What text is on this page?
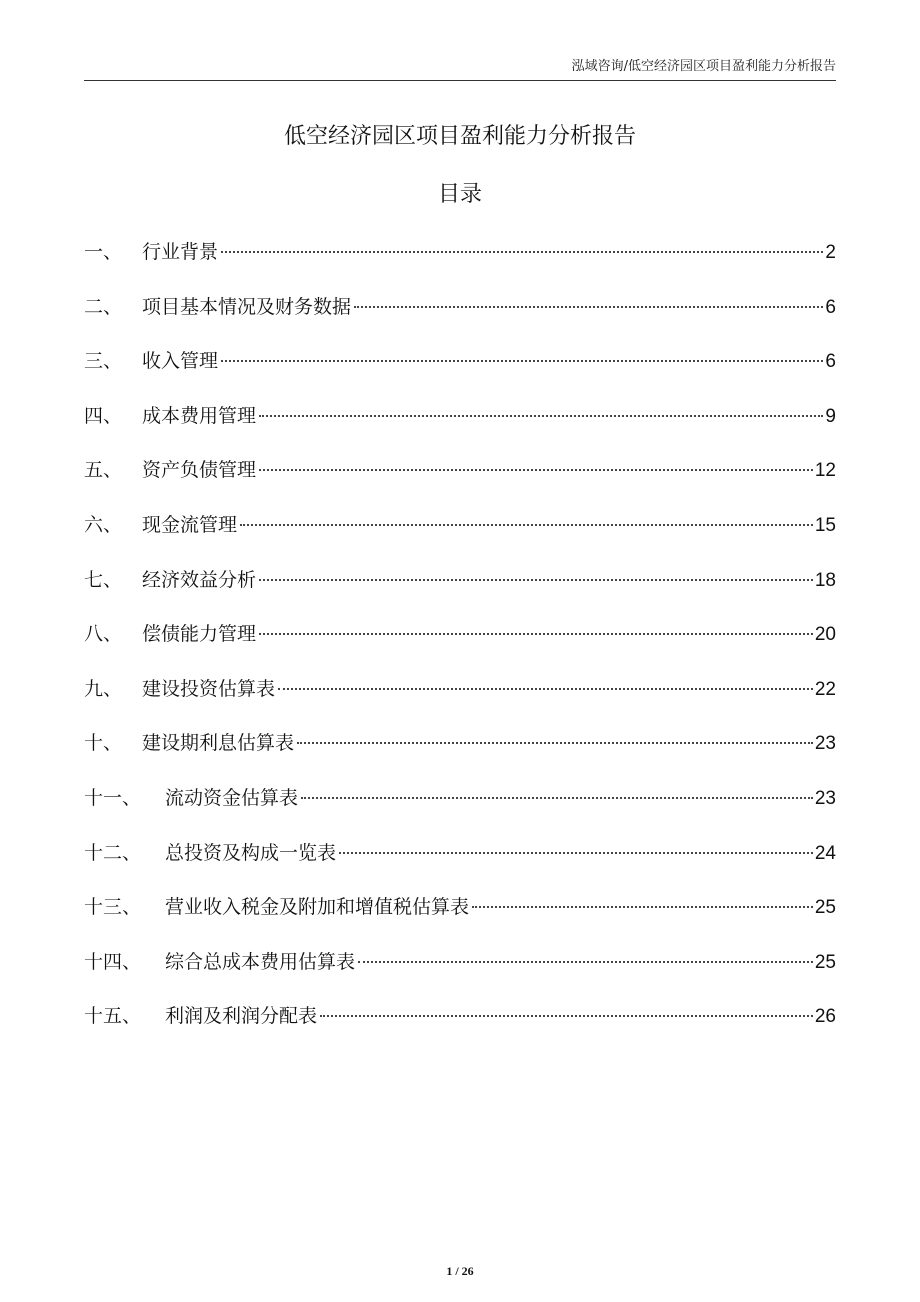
泓域咨询/低空经济园区项目盈利能力分析报告
低空经济园区项目盈利能力分析报告
目录
一、	行业背景	2
二、	项目基本情况及财务数据	6
三、	收入管理	6
四、	成本费用管理	9
五、	资产负债管理	12
六、	现金流管理	15
七、	经济效益分析	18
八、	偿债能力管理	20
九、	建设投资估算表	22
十、	建设期利息估算表	23
十一、	流动资金估算表	23
十二、	总投资及构成一览表	24
十三、	营业收入税金及附加和增值税估算表	25
十四、	综合总成本费用估算表	25
十五、	利润及利润分配表	26
1 / 26
